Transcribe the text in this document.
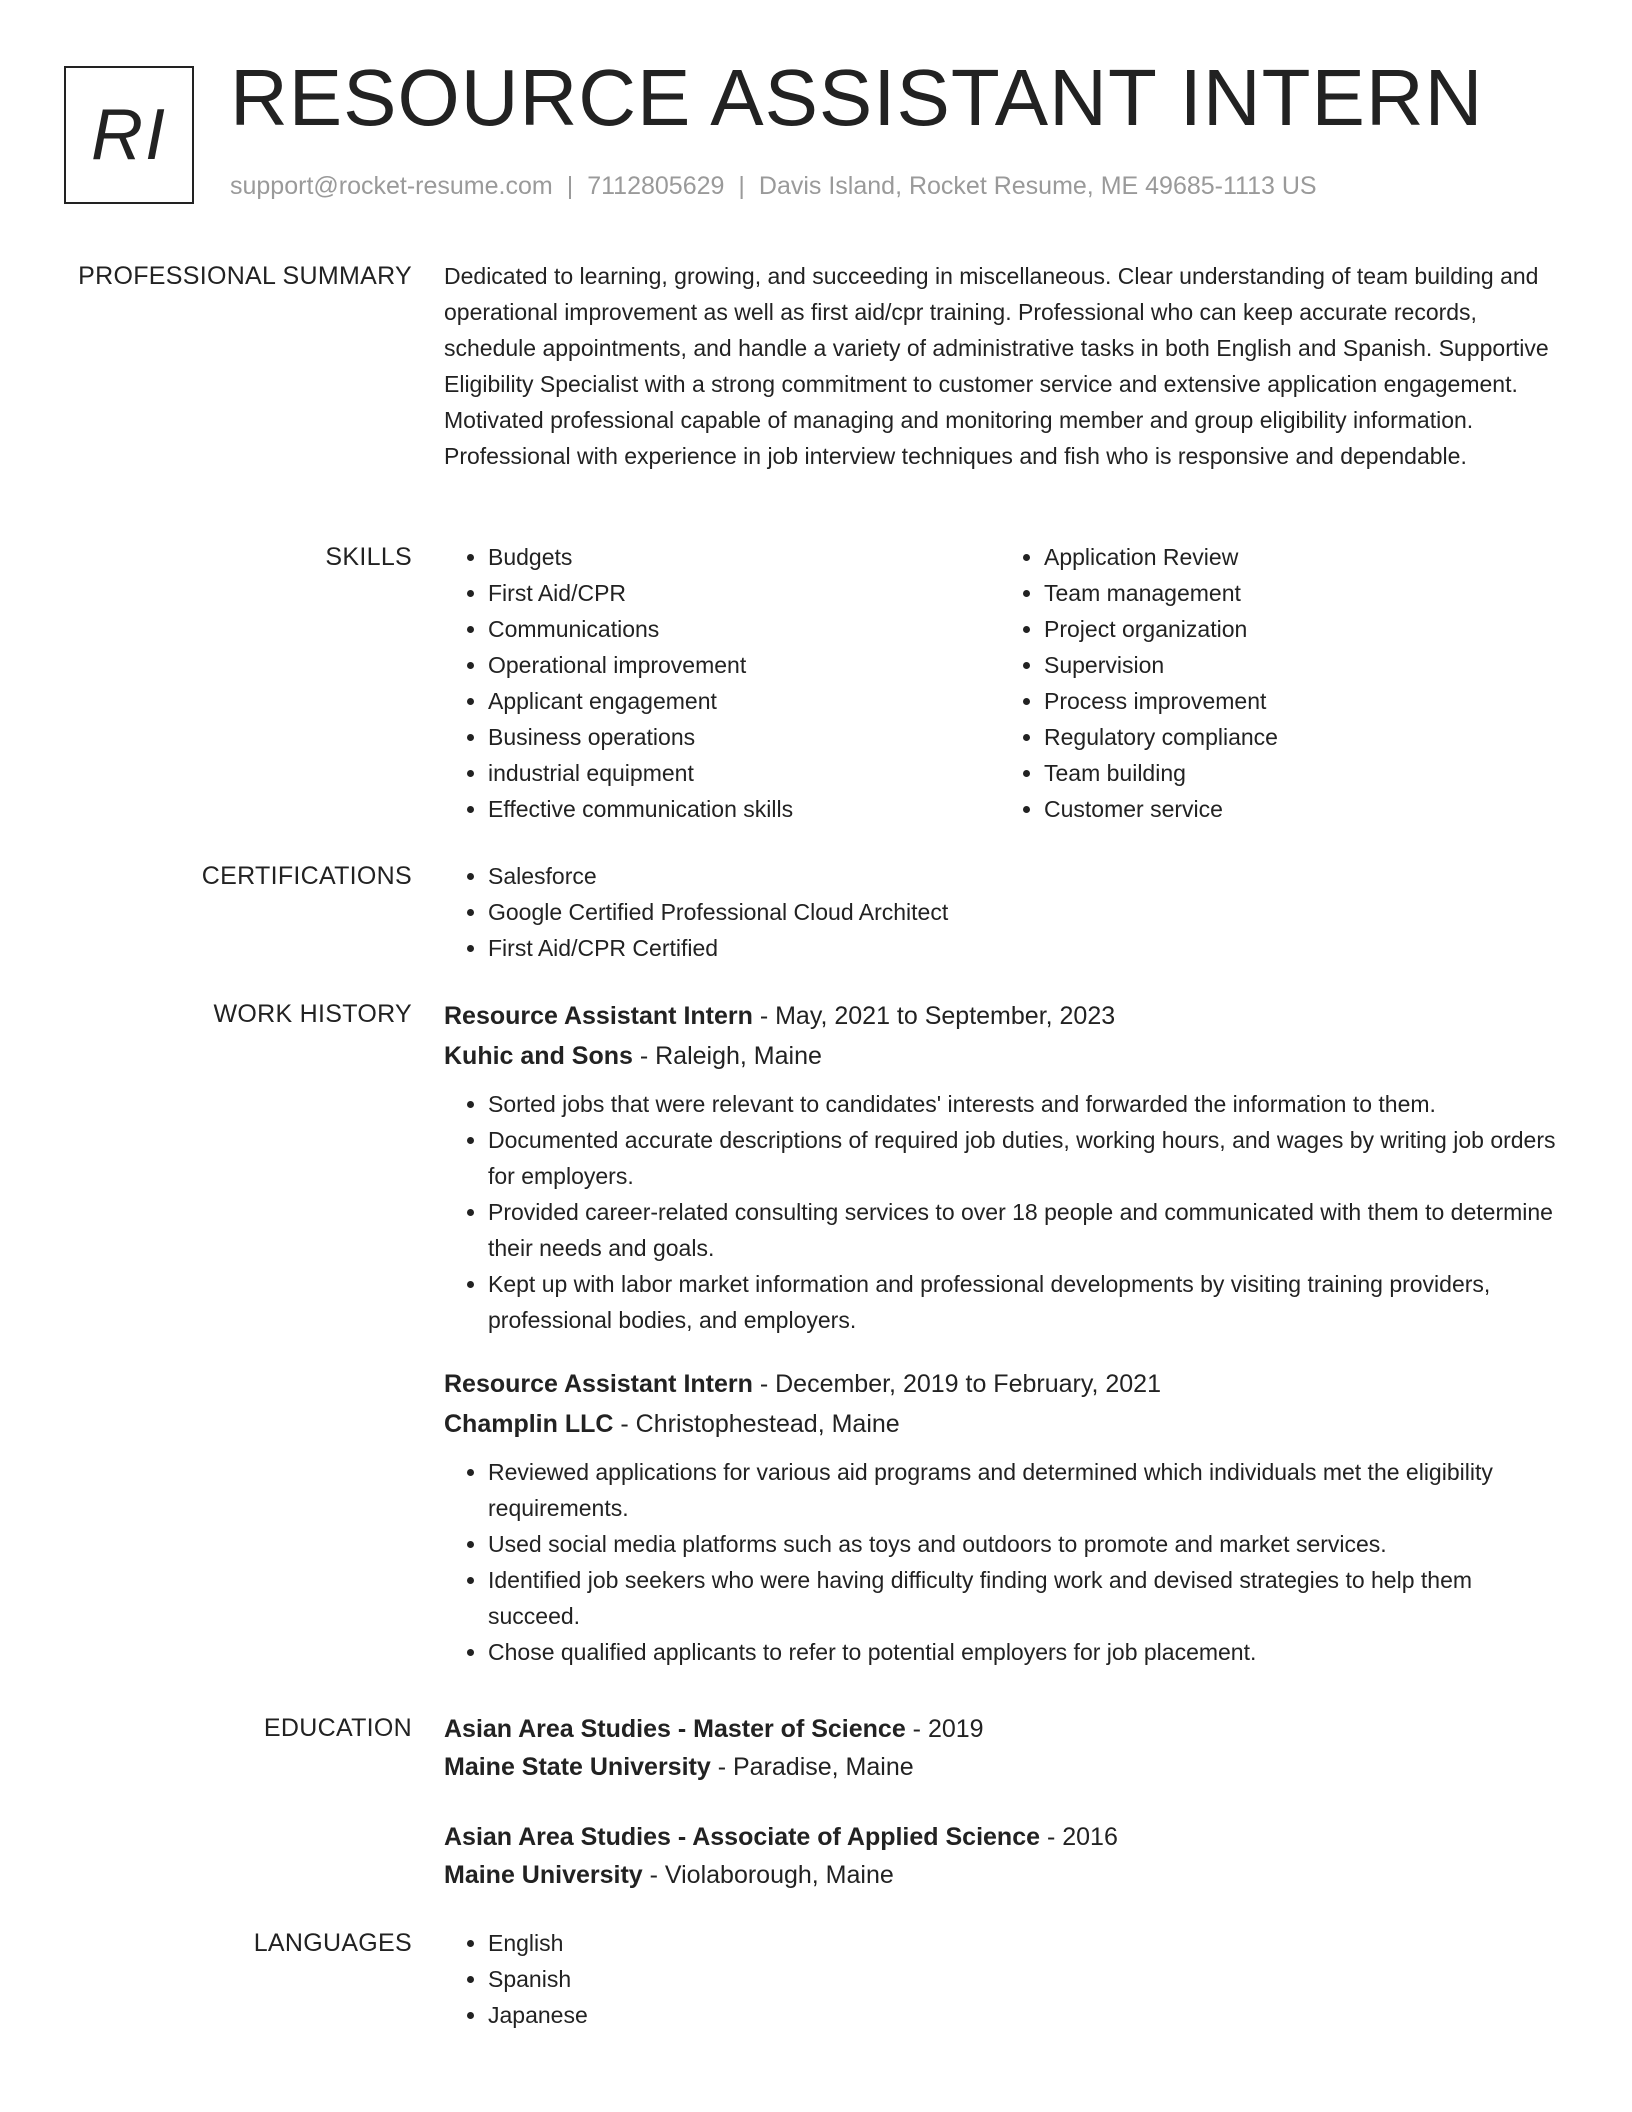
RI RESOURCE ASSISTANT INTERN
support@rocket-resume.com | 7112805629 | Davis Island, Rocket Resume, ME 49685-1113 US
PROFESSIONAL SUMMARY Dedicated to learning, growing, and succeeding in miscellaneous. Clear understanding of team building and operational improvement as well as first aid/cpr training. Professional who can keep accurate records, schedule appointments, and handle a variety of administrative tasks in both English and Spanish. Supportive Eligibility Specialist with a strong commitment to customer service and extensive application engagement. Motivated professional capable of managing and monitoring member and group eligibility information. Professional with experience in job interview techniques and fish who is responsive and dependable.

SKILLS	• Budgets
• First Aid/CPR
• Communications
• Operational improvement
• Applicant engagement
• Business operations
• industrial equipment
• Effective communication skills
• Application Review
• Team management
• Project organization
• Supervision
• Process improvement
• Regulatory compliance
• Team building
• Customer service
CERTIFICATIONS	• Salesforce
• Google Certified Professional Cloud Architect
• First Aid/CPR Certified
WORK HISTORY Resource Assistant Intern - May, 2021 to September, 2023
Kuhic and Sons - Raleigh, Maine
• Sorted jobs that were relevant to candidates' interests and forwarded the information to them.
• Documented accurate descriptions of required job duties, working hours, and wages by writing job orders for employers.
• Provided career-related consulting services to over 18 people and communicated with them to determine their needs and goals.
• Kept up with labor market information and professional developments by visiting training providers, professional bodies, and employers.
Resource Assistant Intern - December, 2019 to February, 2021
Champlin LLC - Christophestead, Maine
• Reviewed applications for various aid programs and determined which individuals met the eligibility requirements.
• Used social media platforms such as toys and outdoors to promote and market services.
• Identified job seekers who were having difficulty finding work and devised strategies to help them succeed.
• Chose qualified applicants to refer to potential employers for job placement.
EDUCATION Asian Area Studies - Master of Science - 2019
Maine State University - Paradise, Maine
Asian Area Studies - Associate of Applied Science - 2016
Maine University - Violaborough, Maine
LANGUAGES	• English
• Spanish
• Japanese
